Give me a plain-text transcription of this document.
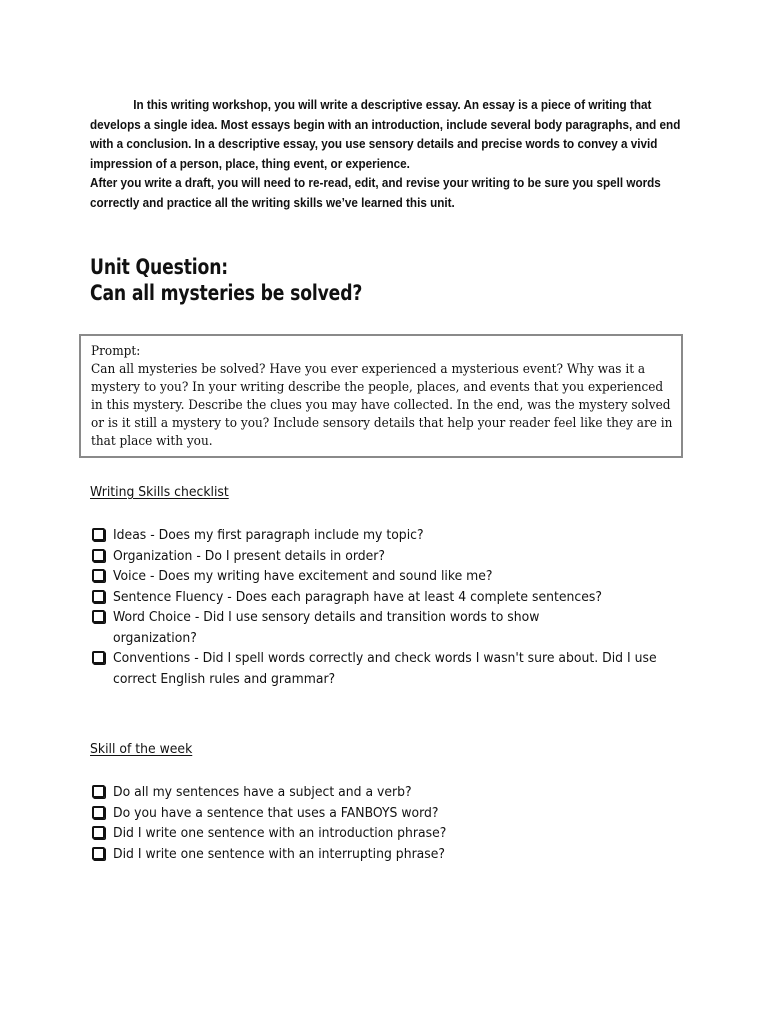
In this writing workshop, you will write a descriptive essay. An essay is a piece of writing that develops a single idea. Most essays begin with an introduction, include several body paragraphs, and end with a conclusion. In a descriptive essay, you use sensory details and precise words to convey a vivid impression of a person, place, thing event, or experience.

After you write a draft, you will need to re-read, edit, and revise your writing to be sure you spell words correctly and practice all the writing skills we’ve learned this unit.

Unit Question:
Can all mysteries be solved?
Prompt:
Can all mysteries be solved? Have you ever experienced a mysterious event? Why was it a mystery to you? In your writing describe the people, places, and events that you experienced in this mystery. Describe the clues you may have collected. In the end, was the mystery solved or is it still a mystery to you? Include sensory details that help your reader feel like they are in that place with you.
Writing Skills checklist
Ideas - Does my first paragraph include my topic?
Organization - Do I present details in order?
Voice - Does my writing have excitement and sound like me?
Sentence Fluency - Does each paragraph have at least 4 complete sentences?
Word Choice - Did I use sensory details and transition words to show organization?
Conventions - Did I spell words correctly and check words I wasn't sure about. Did I use correct English rules and grammar?
Skill of the week
Do all my sentences have a subject and a verb?
Do you have a sentence that uses a FANBOYS word?
Did I write one sentence with an introduction phrase?
Did I write one sentence with an interrupting phrase?
